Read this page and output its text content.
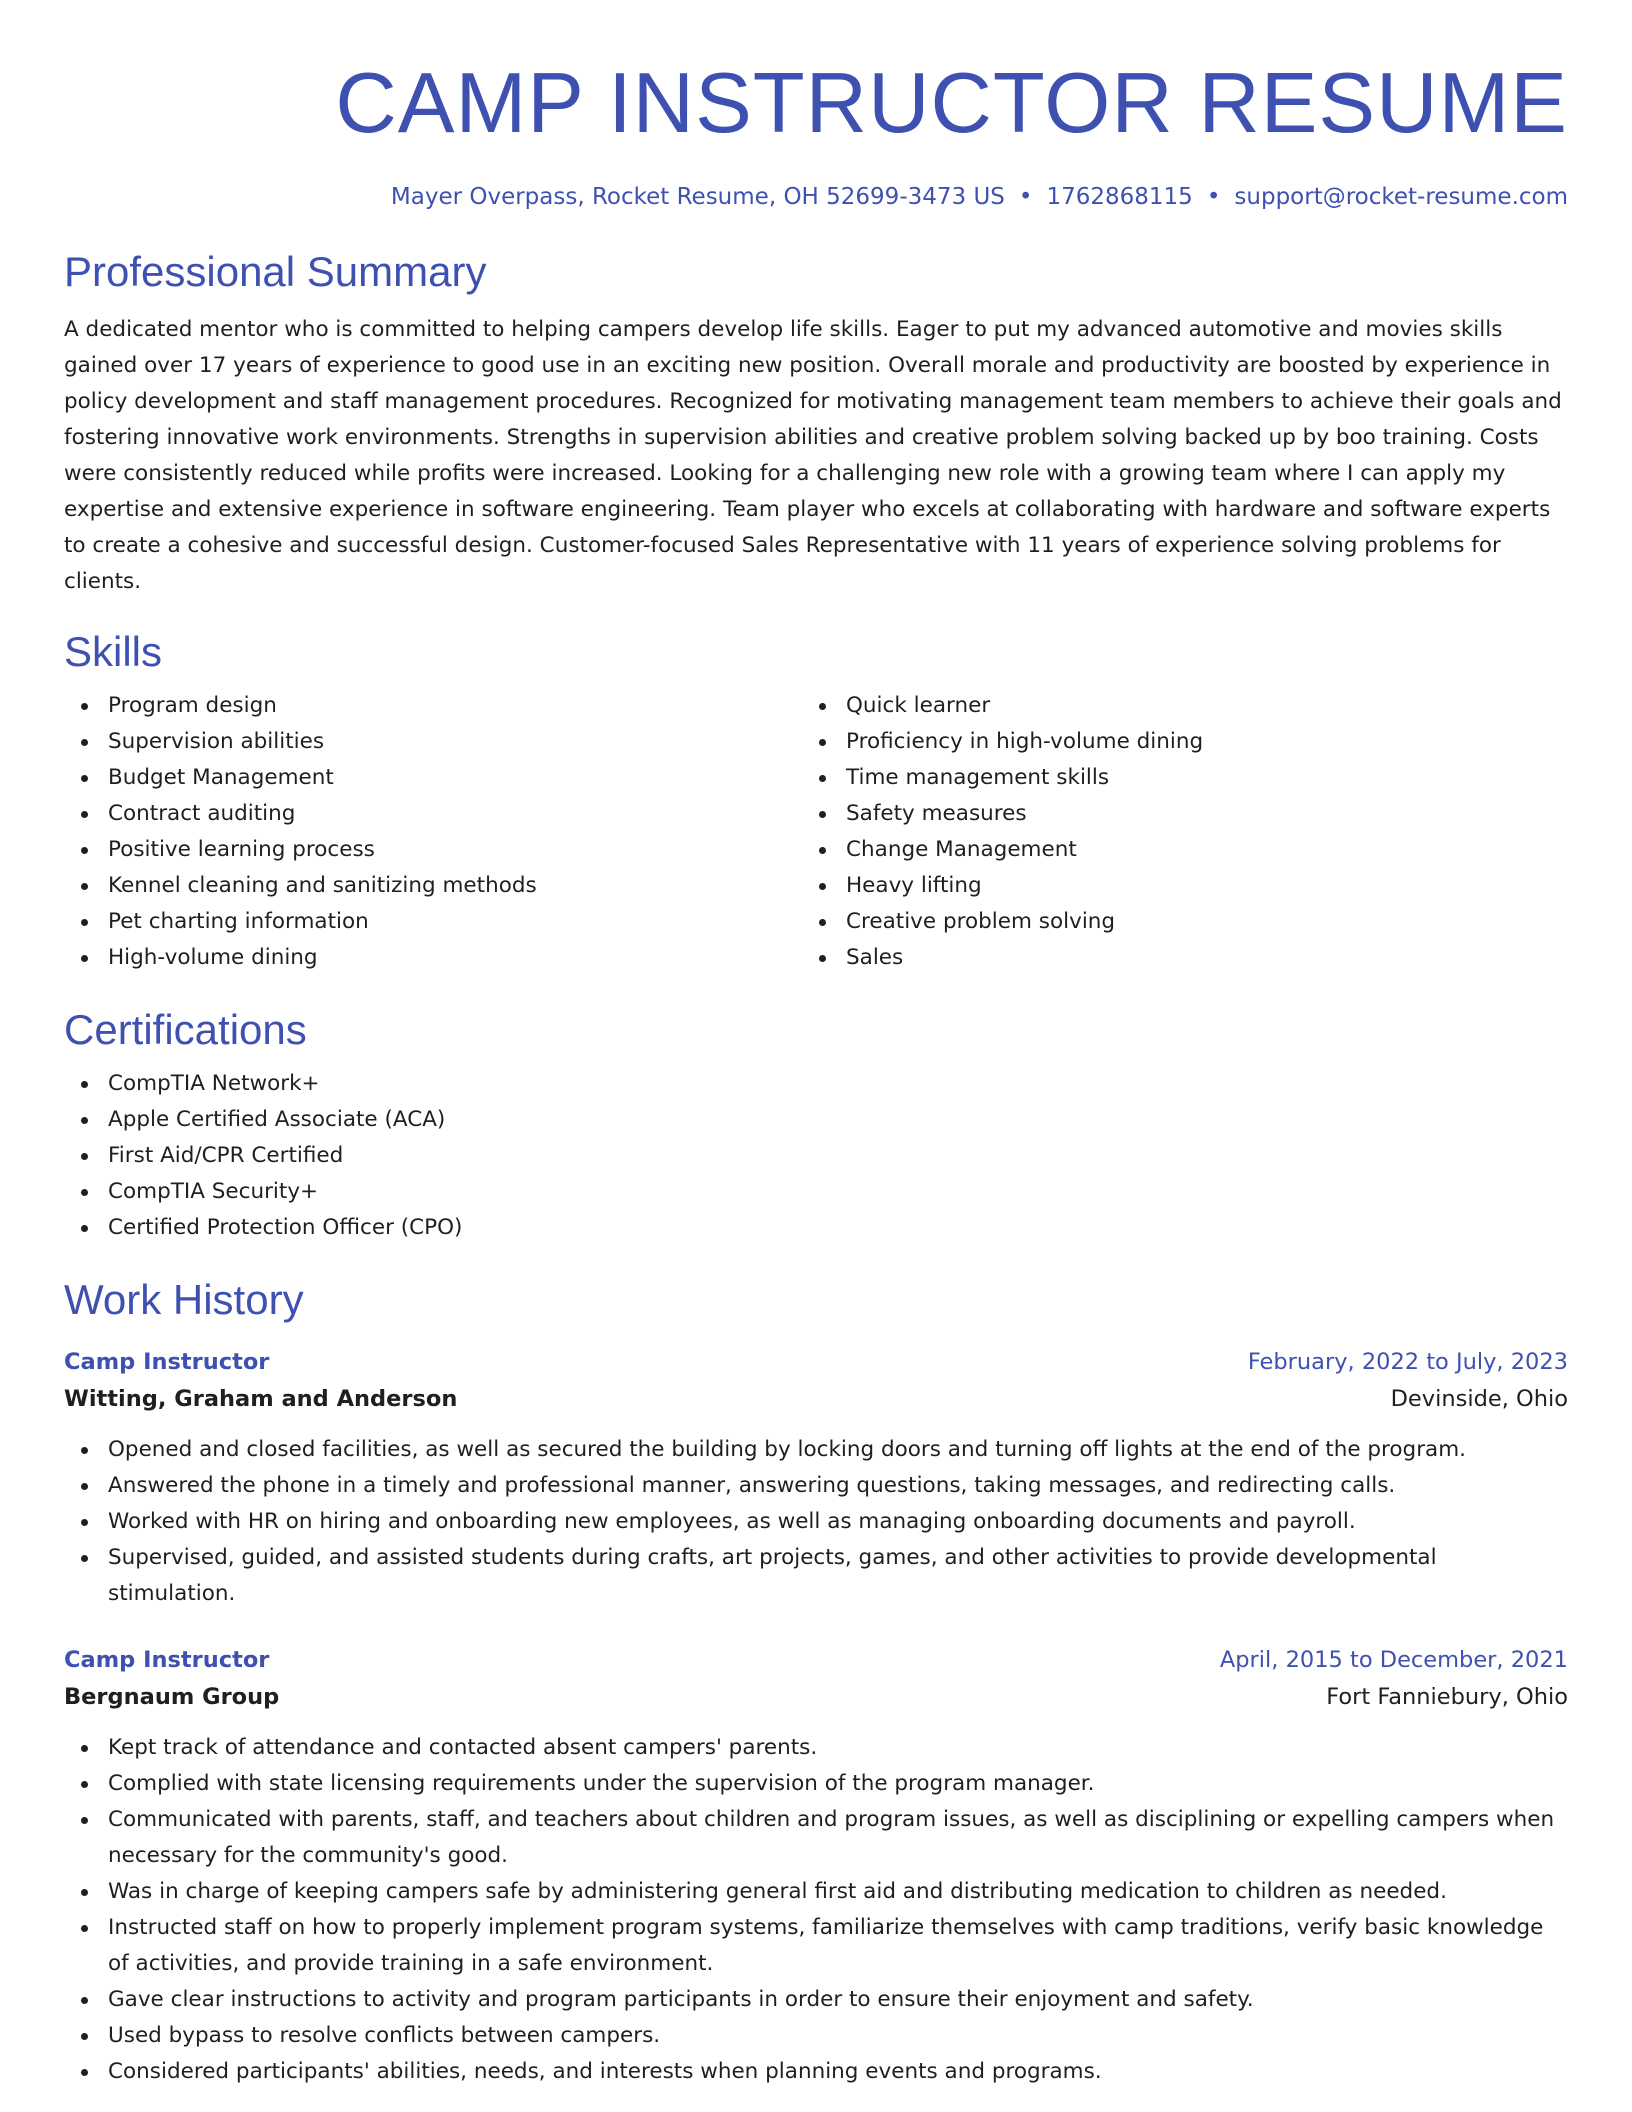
CAMP INSTRUCTOR RESUME
Mayer Overpass, Rocket Resume, OH 52699-3473 US • 1762868115 • support@rocket-resume.com
Professional Summary

A dedicated mentor who is committed to helping campers develop life skills. Eager to put my advanced automotive and movies skills gained over 17 years of experience to good use in an exciting new position. Overall morale and productivity are boosted by experience in policy development and staff management procedures. Recognized for motivating management team members to achieve their goals and fostering innovative work environments. Strengths in supervision abilities and creative problem solving backed up by boo training. Costs were consistently reduced while profits were increased. Looking for a challenging new role with a growing team where I can apply my expertise and extensive experience in software engineering. Team player who excels at collaborating with hardware and software experts to create a cohesive and successful design. Customer-focused Sales Representative with 11 years of experience solving problems for clients.

Skills
Program design
Supervision abilities
Budget Management
Contract auditing
Positive learning process
Kennel cleaning and sanitizing methods
Pet charting information
High-volume dining
Quick learner
Proficiency in high-volume dining
Time management skills
Safety measures
Change Management
Heavy lifting
Creative problem solving
Sales
Certifications
CompTIA Network+
Apple Certified Associate (ACA)
First Aid/CPR Certified
CompTIA Security+
Certified Protection Officer (CPO)
Work History
Camp Instructor	February, 2022 to July, 2023
Witting, Graham and Anderson	Devinside, Ohio
Opened and closed facilities, as well as secured the building by locking doors and turning off lights at the end of the program.
Answered the phone in a timely and professional manner, answering questions, taking messages, and redirecting calls.
Worked with HR on hiring and onboarding new employees, as well as managing onboarding documents and payroll.
Supervised, guided, and assisted students during crafts, art projects, games, and other activities to provide developmental stimulation.
Camp Instructor	April, 2015 to December, 2021
Bergnaum Group	Fort Fanniebury, Ohio
Kept track of attendance and contacted absent campers' parents.
Complied with state licensing requirements under the supervision of the program manager.
Communicated with parents, staff, and teachers about children and program issues, as well as disciplining or expelling campers when necessary for the community's good.
Was in charge of keeping campers safe by administering general first aid and distributing medication to children as needed.
Instructed staff on how to properly implement program systems, familiarize themselves with camp traditions, verify basic knowledge of activities, and provide training in a safe environment.
Gave clear instructions to activity and program participants in order to ensure their enjoyment and safety.
Used bypass to resolve conflicts between campers.
Considered participants' abilities, needs, and interests when planning events and programs.
